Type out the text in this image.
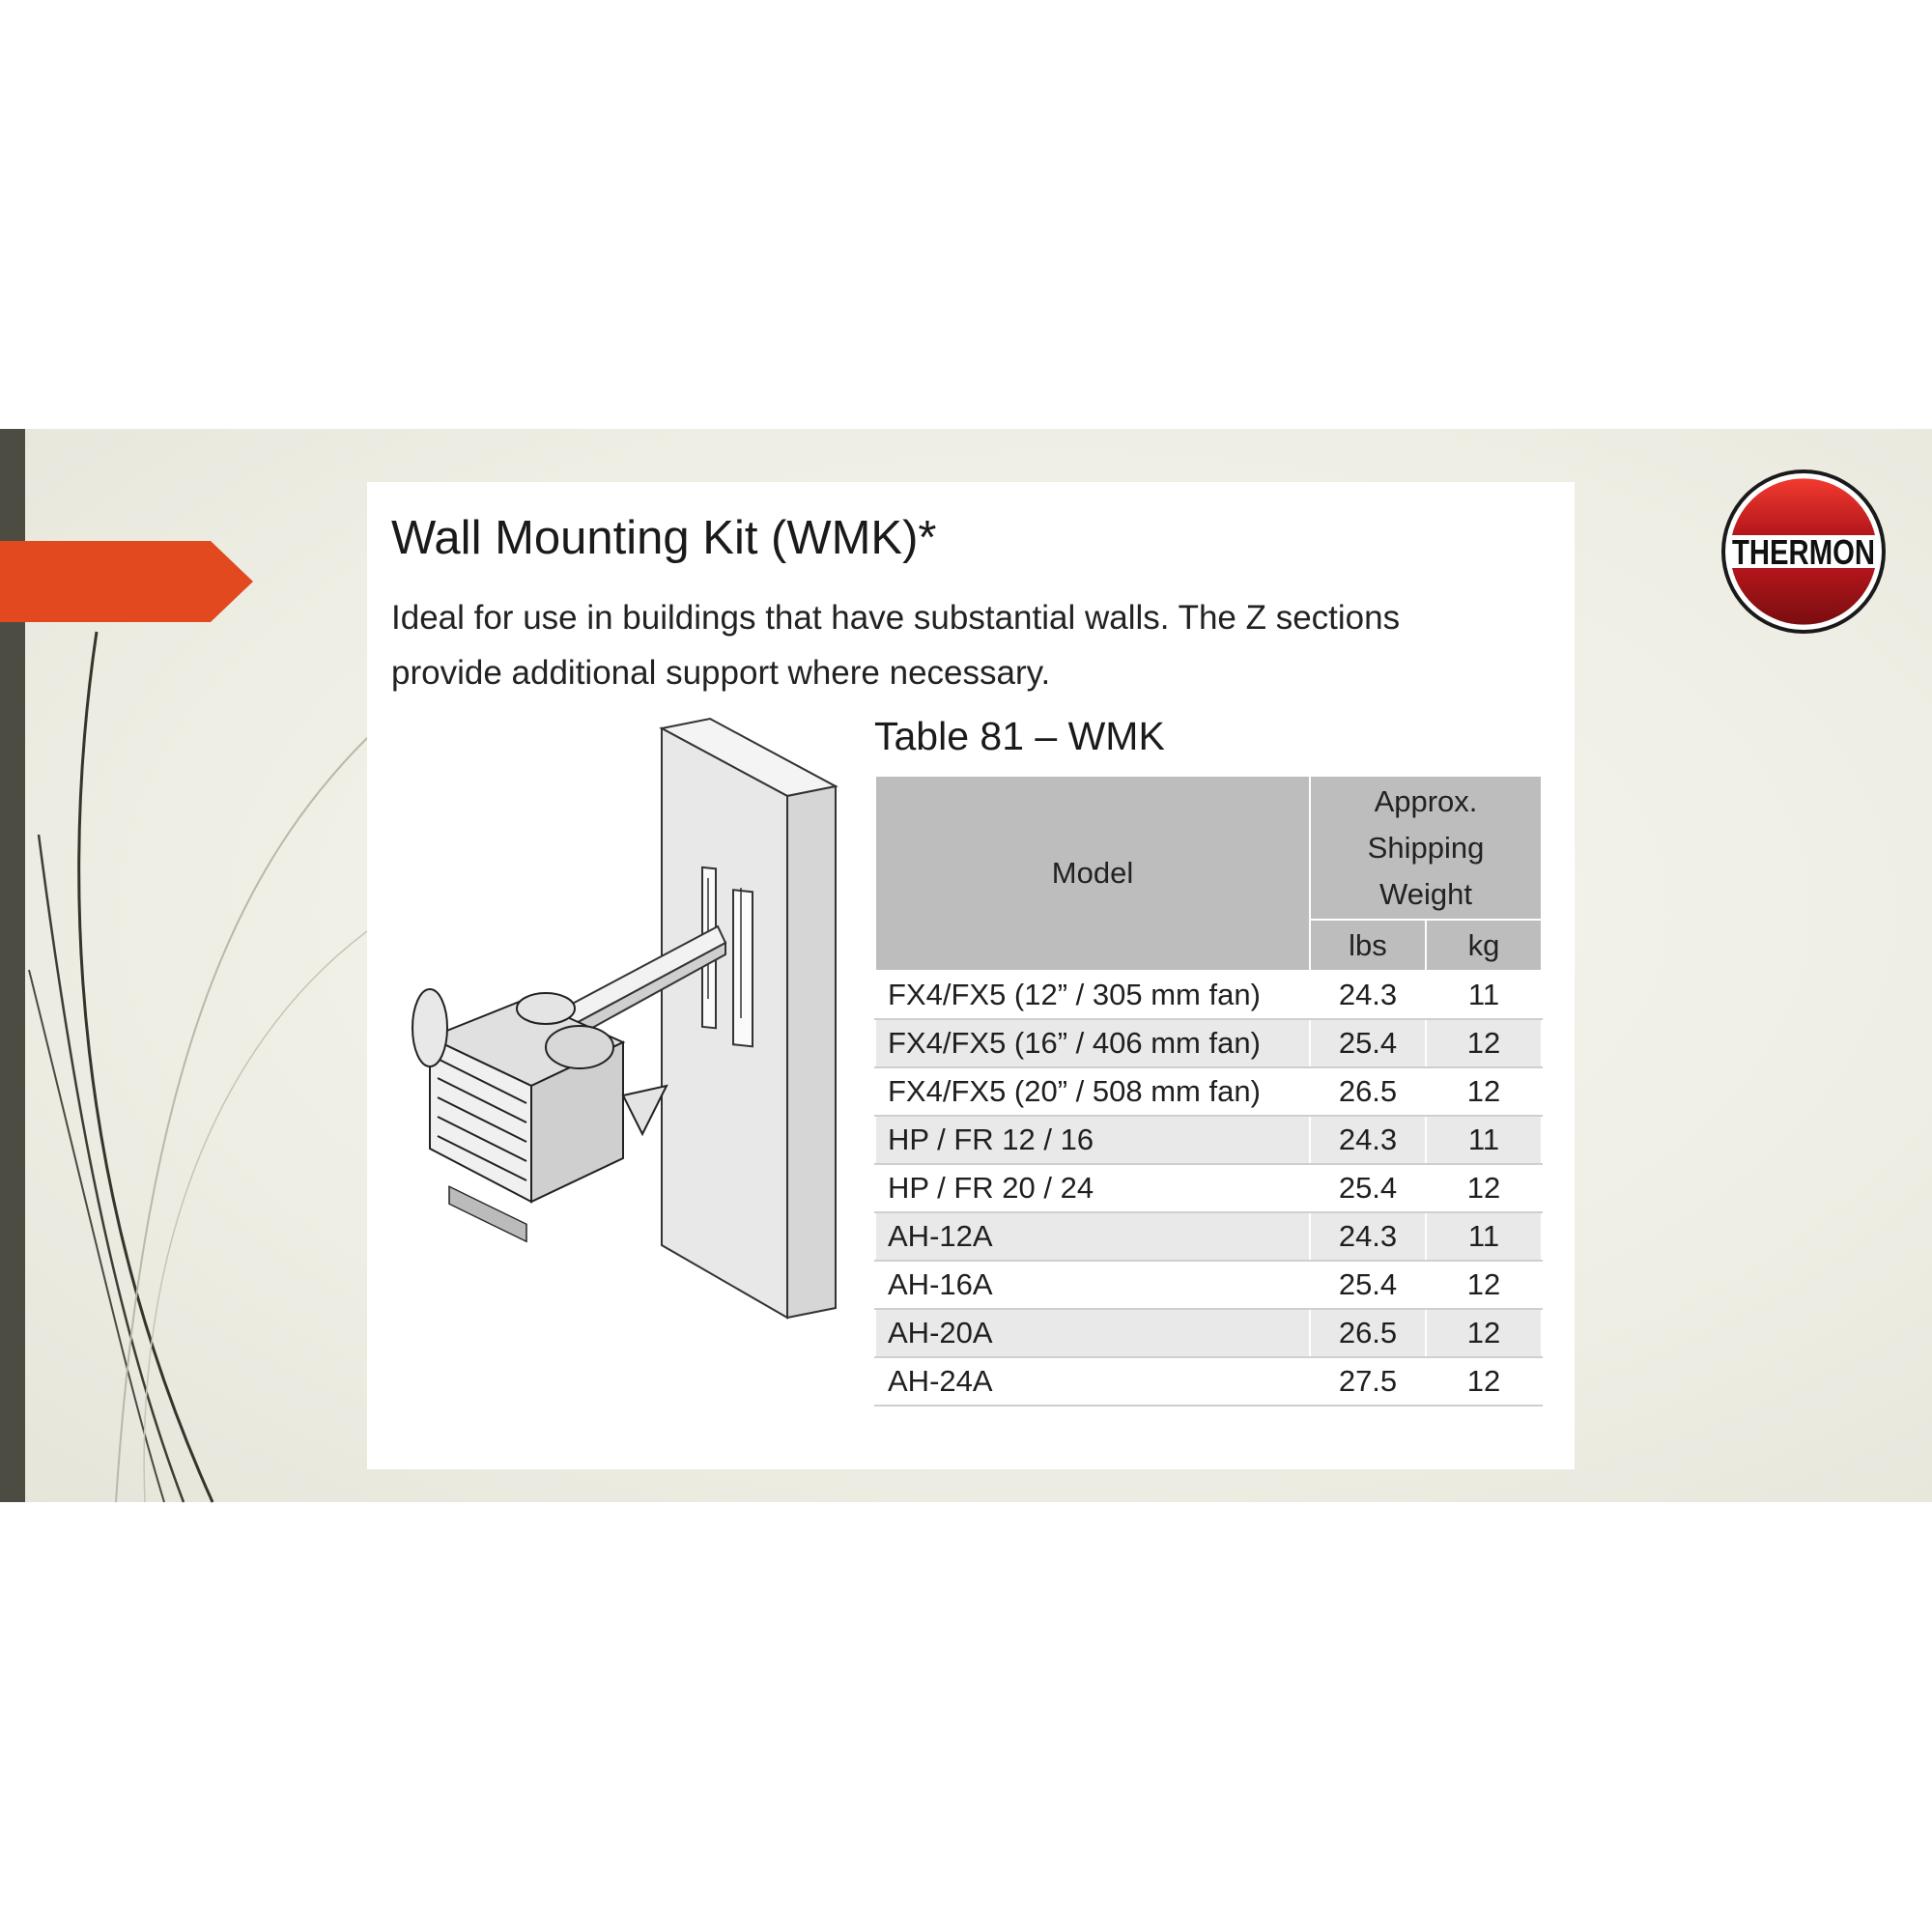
Wall Mounting Kit (WMK)*

Ideal for use in buildings that have substantial walls. The Z sections
provide additional support where necessary.

Table 81 – WMK
Model	Approx.
Shipping
Weight	
	lbs	kg
FX4/FX5 (12” / 305 mm fan)	24.3	11
FX4/FX5 (16” / 406 mm fan)	25.4	12
FX4/FX5 (20” / 508 mm fan)	26.5	12
HP / FR 12 / 16	24.3	11
HP / FR 20 / 24	25.4	12
AH-12A	24.3	11
AH-16A	25.4	12
AH-20A	26.5	12
AH-24A	27.5	12
THERMON
